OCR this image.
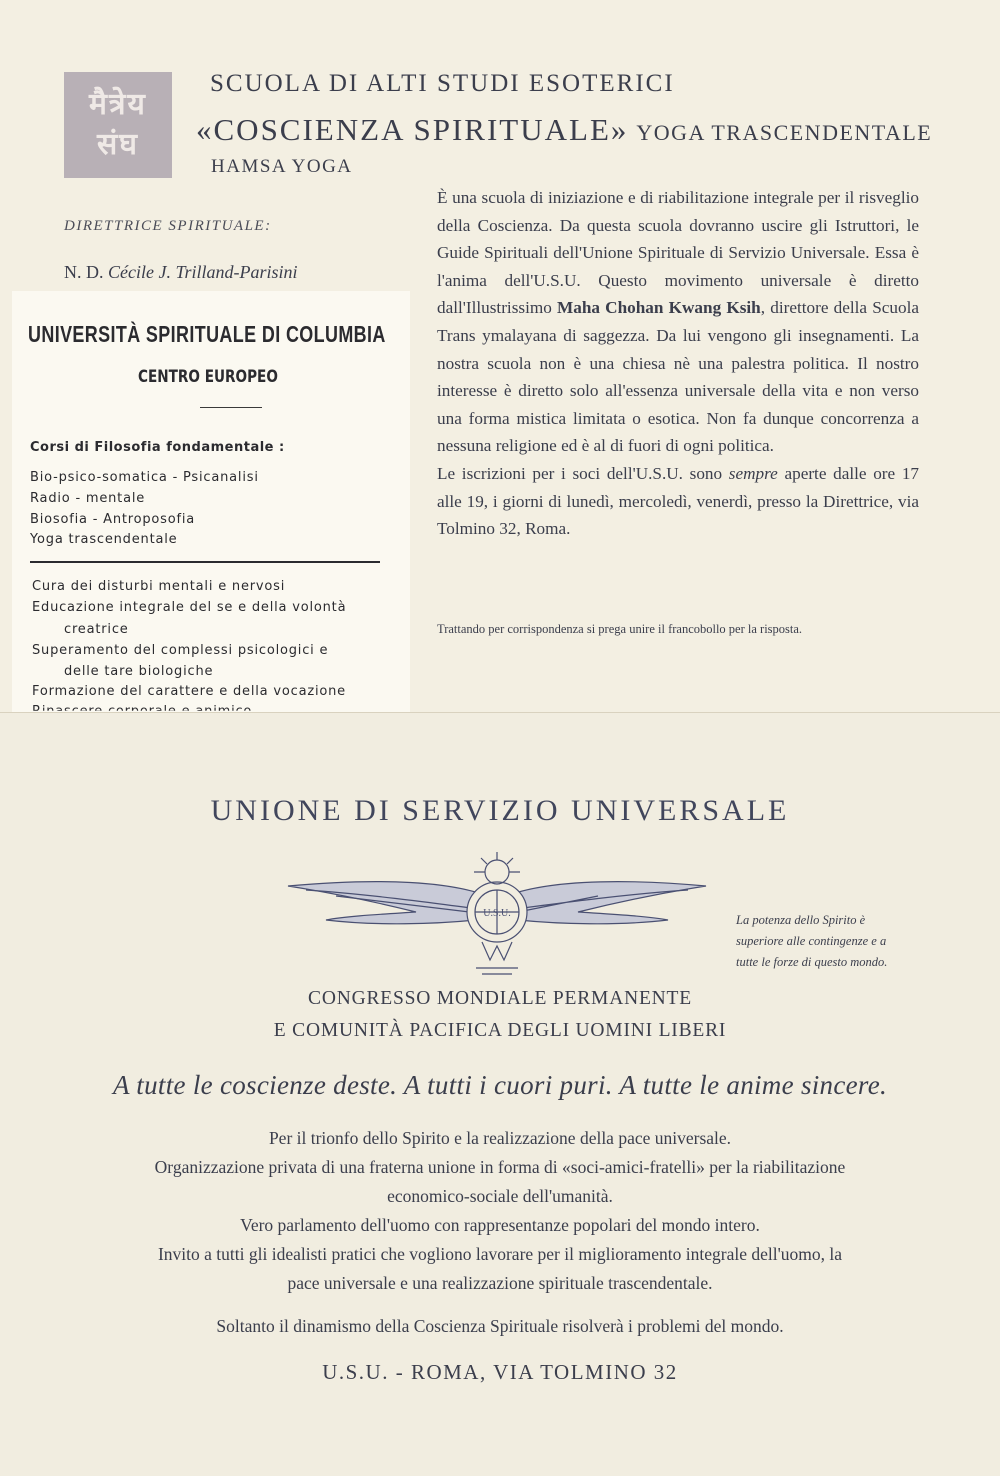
मैत्रेय
संघ
SCUOLA DI ALTI STUDI ESOTERICI
«COSCIENZA SPIRITUALE» YOGA TRASCENDENTALE
HAMSA YOGA
DIRETTRICE SPIRITUALE:
N. D. Cécile J. Trilland-Parisini
UNIVERSITÀ SPIRITUALE DI COLUMBIA
CENTRO EUROPEO
Corsi di Filosofia fondamentale :
Bio-psico-somatica - Psicanalisi
Radio - mentale
Biosofia - Antroposofia
Yoga trascendentale
Cura dei disturbi mentali e nervosi
Educazione integrale del se e della volontà
creatrice
Superamento del complessi psicologici e
delle tare biologiche
Formazione del carattere e della vocazione

È una scuola di iniziazione e di riabilitazione integrale per il risveglio della Coscienza. Da questa scuola dovranno uscire gli Istruttori, le Guide Spirituali dell'Unione Spirituale di Servizio Universale. Essa è l'anima dell'U.S.U. Questo movimento universale è diretto dall'Illustrissimo Maha Chohan Kwang Ksih, direttore della Scuola Trans ymalayana di saggezza. Da lui vengono gli insegnamenti. La nostra scuola non è una chiesa nè una palestra politica. Il nostro interesse è diretto solo all'essenza universale della vita e non verso una forma mistica limitata o esotica. Non fa dunque concorrenza a nessuna religione ed è al di fuori di ogni politica.

Le iscrizioni per i soci dell'U.S.U. sono sempre aperte dalle ore 17 alle 19, i giorni di lunedì, mercoledì, venerdì, presso la Direttrice, via Tolmino 32, Roma.

Trattando per corrispondenza si prega unire il francobollo per la risposta.
UNIONE DI SERVIZIO UNIVERSALE
U.S.U.	La potenza dello Spirito è
superiore alle contingenze e a
tutte le forze di questo mondo.
CONGRESSO MONDIALE PERMANENTE
E COMUNITÀ PACIFICA DEGLI UOMINI LIBERI
A tutte le coscienze deste. A tutti i cuori puri. A tutte le anime sincere.
Per il trionfo dello Spirito e la realizzazione della pace universale.
Organizzazione privata di una fraterna unione in forma di «soci-amici-fratelli» per la riabilitazione
economico-sociale dell'umanità.
Vero parlamento dell'uomo con rappresentanze popolari del mondo intero.
Invito a tutti gli idealisti pratici che vogliono lavorare per il miglioramento integrale dell'uomo, la
pace universale e una realizzazione spirituale trascendentale.
Soltanto il dinamismo della Coscienza Spirituale risolverà i problemi del mondo.
U.S.U. - ROMA, VIA TOLMINO 32
